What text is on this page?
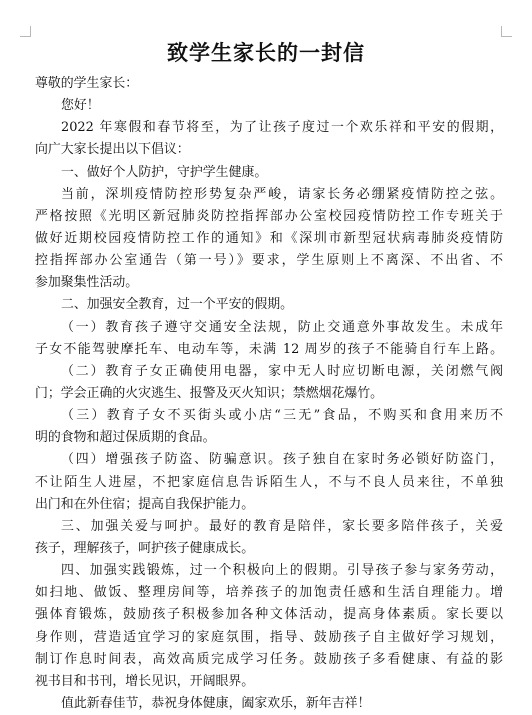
致学生家长的一封信
尊敬的学生家长：
您好！
2022 年寒假和春节将至，为了让孩子度过一个欢乐祥和平安的假期，
向广大家长提出以下倡议：
一、做好个人防护，守护学生健康。
当前，深圳疫情防控形势复杂严峻，请家长务必绷紧疫情防控之弦。
严格按照《光明区新冠肺炎防控指挥部办公室校园疫情防控工作专班关于
做好近期校园疫情防控工作的通知》和《深圳市新型冠状病毒肺炎疫情防
控指挥部办公室通告（第一号）》要求，学生原则上不离深、不出省、不
参加聚集性活动。
二、加强安全教育，过一个平安的假期。
（一）教育孩子遵守交通安全法规，防止交通意外事故发生。未成年
子女不能驾驶摩托车、电动车等，未满 12 周岁的孩子不能骑自行车上路。
（二）教育子女正确使用电器，家中无人时应切断电源，关闭燃气阀
门；学会正确的火灾逃生、报警及灭火知识；禁燃烟花爆竹。
（三）教育子女不买街头或小店“三无”食品，不购买和食用来历不
明的食物和超过保质期的食品。
（四）增强孩子防盗、防骗意识。孩子独自在家时务必锁好防盗门，
不让陌生人进屋，不把家庭信息告诉陌生人，不与不良人员来往，不单独
出门和在外住宿；提高自我保护能力。
三、加强关爱与呵护。最好的教育是陪伴，家长要多陪伴孩子，关爱
孩子，理解孩子，呵护孩子健康成长。
四、加强实践锻炼，过一个积极向上的假期。引导孩子参与家务劳动，
如扫地、做饭、整理房间等，培养孩子的加饱责任感和生活自理能力。增
强体育锻炼，鼓励孩子积极参加各种文体活动，提高身体素质。家长要以
身作则，营造适宜学习的家庭氛围，指导、鼓励孩子自主做好学习规划，
制订作息时间表，高效高质完成学习任务。鼓励孩子多看健康、有益的影
视书目和书刊，增长见识，开阔眼界。
值此新春佳节，恭祝身体健康，阖家欢乐，新年吉祥！
